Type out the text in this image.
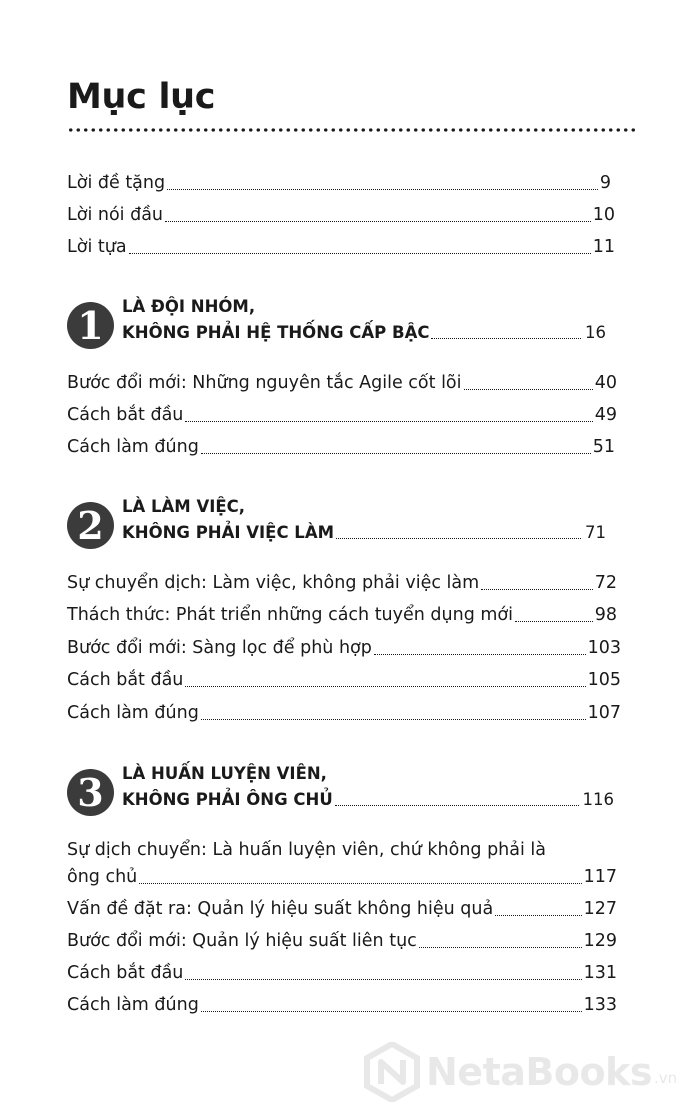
Mục lục
Lời đề tặng	9
Lời nói đầu	10
Lời tựa	11
1	LÀ ĐỘI NHÓM,
KHÔNG PHẢI HỆ THỐNG CẤP BẬC	16
Bước đổi mới: Những nguyên tắc Agile cốt lõi	40
Cách bắt đầu	49
Cách làm đúng	51
2	LÀ LÀM VIỆC,
KHÔNG PHẢI VIỆC LÀM	71
Sự chuyển dịch: Làm việc, không phải việc làm	72
Thách thức: Phát triển những cách tuyển dụng mới	98
Bước đổi mới: Sàng lọc để phù hợp	103
Cách bắt đầu	105
Cách làm đúng	107
3	LÀ HUẤN LUYỆN VIÊN,
KHÔNG PHẢI ÔNG CHỦ	116
Sự dịch chuyển: Là huấn luyện viên, chứ không phải là
ông chủ	117
Vấn đề đặt ra: Quản lý hiệu suất không hiệu quả	127
Bước đổi mới: Quản lý hiệu suất liên tục	129
Cách bắt đầu	131
Cách làm đúng	133
NetaBooks .vn
